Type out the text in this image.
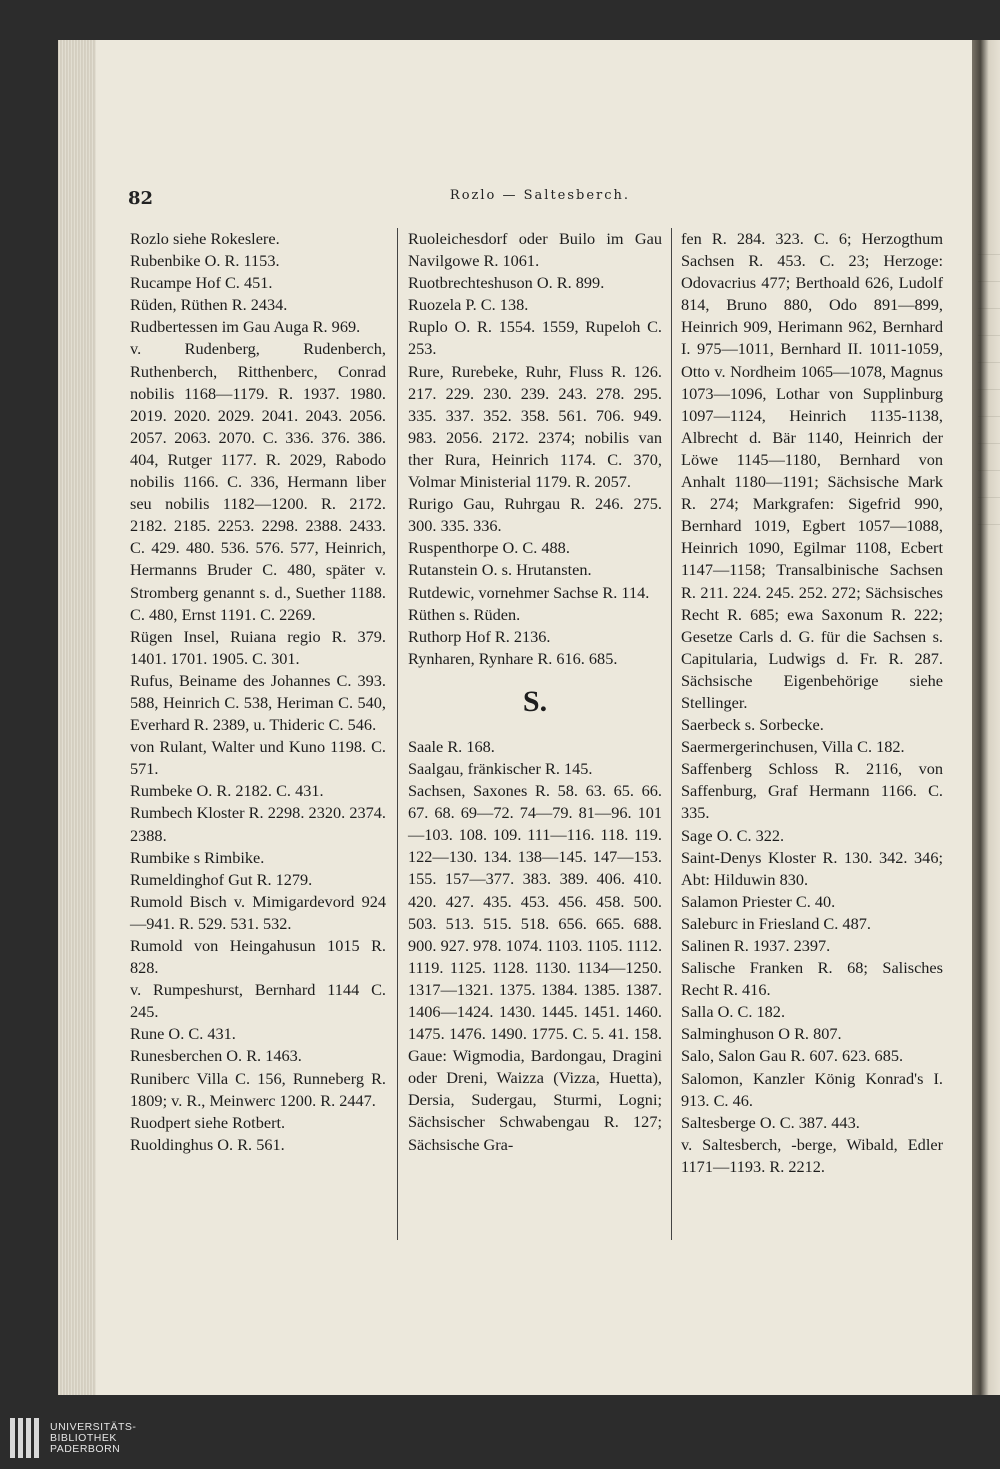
82	Rozlo — Saltesberch.

Rozlo siehe Rokeslere.

Rubenbike O. R. 1153.

Rucampe Hof C. 451.

Rüden, Rüthen R. 2434.

Rudbertessen im Gau Auga R. 969.

v. Rudenberg, Rudenberch, Ruthenberch, Ritthenberc, Conrad nobilis 1168—1179. R. 1937. 1980. 2019. 2020. 2029. 2041. 2043. 2056. 2057. 2063. 2070. C. 336. 376. 386. 404, Rutger 1177. R. 2029, Rabodo nobilis 1166. C. 336, Hermann liber seu nobilis 1182—1200. R. 2172. 2182. 2185. 2253. 2298. 2388. 2433. C. 429. 480. 536. 576. 577, Heinrich, Hermanns Bruder C. 480, später v. Stromberg genannt s. d., Suether 1188. C. 480, Ernst 1191. C. 2269.

Rügen Insel, Ruiana regio R. 379. 1401. 1701. 1905. C. 301.

Rufus, Beiname des Johannes C. 393. 588, Heinrich C. 538, Heriman C. 540, Everhard R. 2389, u. Thideric C. 546.

von Rulant, Walter und Kuno 1198. C. 571.

Rumbeke O. R. 2182. C. 431.

Rumbech Kloster R. 2298. 2320. 2374. 2388.

Rumbike s Rimbike.

Rumeldinghof Gut R. 1279.

Rumold Bisch v. Mimigardevord 924—941. R. 529. 531. 532.

Rumold von Heingahusun 1015 R. 828.

v. Rumpeshurst, Bernhard 1144 C. 245.

Rune O. C. 431.

Runesberchen O. R. 1463.

Runiberc Villa C. 156, Runneberg R. 1809; v. R., Meinwerc 1200. R. 2447.

Ruodpert siehe Rotbert.

Ruoldinghus O. R. 561.

Ruoleichesdorf oder Builo im Gau Navilgowe R. 1061.

Ruotbrechteshuson O. R. 899.

Ruozela P. C. 138.

Ruplo O. R. 1554. 1559, Rupeloh C. 253.

Rure, Rurebeke, Ruhr, Fluss R. 126. 217. 229. 230. 239. 243. 278. 295. 335. 337. 352. 358. 561. 706. 949. 983. 2056. 2172. 2374; nobilis van ther Rura, Heinrich 1174. C. 370, Volmar Ministerial 1179. R. 2057.

Rurigo Gau, Ruhrgau R. 246. 275. 300. 335. 336.

Ruspenthorpe O. C. 488.

Rutanstein O. s. Hrutansten.

Rutdewic, vornehmer Sachse R. 114.

Rüthen s. Rüden.

Ruthorp Hof R. 2136.

Rynharen, Rynhare R. 616. 685.

S.

Saale R. 168.

Saalgau, fränkischer R. 145.

Sachsen, Saxones R. 58. 63. 65. 66. 67. 68. 69—72. 74—79. 81—96. 101—103. 108. 109. 111—116. 118. 119. 122—130. 134. 138—145. 147—153. 155. 157—377. 383. 389. 406. 410. 420. 427. 435. 453. 456. 458. 500. 503. 513. 515. 518. 656. 665. 688. 900. 927. 978. 1074. 1103. 1105. 1112. 1119. 1125. 1128. 1130. 1134—1250. 1317—1321. 1375. 1384. 1385. 1387. 1406—1424. 1430. 1445. 1451. 1460. 1475. 1476. 1490. 1775. C. 5. 41. 158. Gaue: Wigmodia, Bardongau, Dragini oder Dreni, Waizza (Vizza, Huetta), Dersia, Sudergau, Sturmi, Logni; Sächsischer Schwabengau R. 127; Sächsische Gra-

fen R. 284. 323. C. 6; Herzogthum Sachsen R. 453. C. 23; Herzoge: Odovacrius 477; Berthoald 626, Ludolf 814, Bruno 880, Odo 891—899, Heinrich 909, Herimann 962, Bernhard I. 975—1011, Bernhard II. 1011-1059, Otto v. Nordheim 1065—1078, Magnus 1073—1096, Lothar von Supplinburg 1097—1124, Heinrich 1135-1138, Albrecht d. Bär 1140, Heinrich der Löwe 1145—1180, Bernhard von Anhalt 1180—1191; Sächsische Mark R. 274; Markgrafen: Sigefrid 990, Bernhard 1019, Egbert 1057—1088, Heinrich 1090, Egilmar 1108, Ecbert 1147—1158; Transalbinische Sachsen R. 211. 224. 245. 252. 272; Sächsisches Recht R. 685; ewa Saxonum R. 222; Gesetze Carls d. G. für die Sachsen s. Capitularia, Ludwigs d. Fr. R. 287. Sächsische Eigenbehörige siehe Stellinger.

Saerbeck s. Sorbecke.

Saermergerinchusen, Villa C. 182.

Saffenberg Schloss R. 2116, von Saffenburg, Graf Hermann 1166. C. 335.

Sage O. C. 322.

Saint-Denys Kloster R. 130. 342. 346; Abt: Hilduwin 830.

Salamon Priester C. 40.

Saleburc in Friesland C. 487.

Salinen R. 1937. 2397.

Salische Franken R. 68; Salisches Recht R. 416.

Salla O. C. 182.

Salminghuson O R. 807.

Salo, Salon Gau R. 607. 623. 685.

Salomon, Kanzler König Konrad's I. 913. C. 46.

Saltesberge O. C. 387. 443.

v. Saltesberch, -berge, Wibald, Edler 1171—1193. R. 2212.

UNIVERSITÄTS-
BIBLIOTHEK
PADERBORN
